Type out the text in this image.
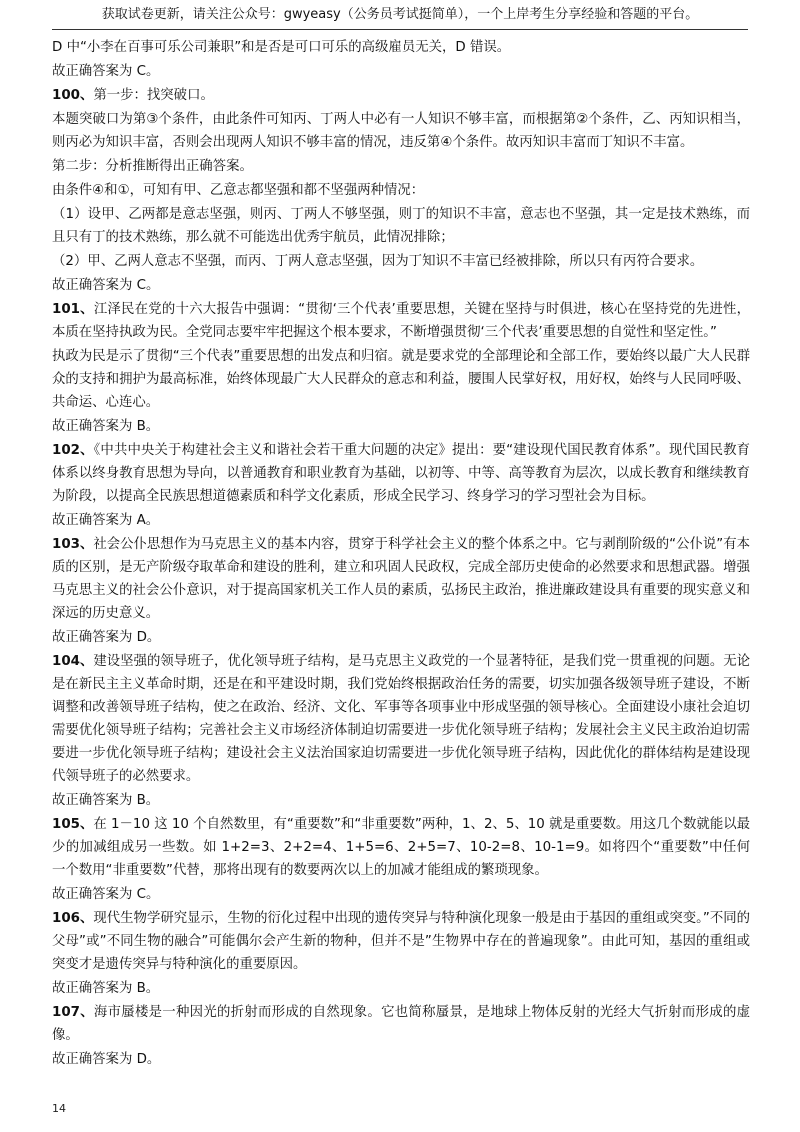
获取试卷更新，请关注公众号：gwyeasy（公务员考试挺简单），一个上岸考生分享经验和答题的平台。

D 中“小李在百事可乐公司兼职”和是否是可口可乐的高级雇员无关，D 错误。

故正确答案为 C。

100、第一步：找突破口。

本题突破口为第③个条件，由此条件可知丙、丁两人中必有一人知识不够丰富，而根据第②个条件，乙、丙知识相当，则丙必为知识丰富，否则会出现两人知识不够丰富的情况，违反第④个条件。故丙知识丰富而丁知识不丰富。

第二步：分析推断得出正确答案。

由条件④和①，可知有甲、乙意志都坚强和都不坚强两种情况：

（1）设甲、乙两都是意志坚强，则丙、丁两人不够坚强，则丁的知识不丰富，意志也不坚强，其一定是技术熟练，而且只有丁的技术熟练，那么就不可能选出优秀宇航员，此情况排除；

（2）甲、乙两人意志不坚强，而丙、丁两人意志坚强，因为丁知识不丰富已经被排除，所以只有丙符合要求。

故正确答案为 C。

101、江泽民在党的十六大报告中强调：“贯彻‘三个代表’重要思想，关键在坚持与时俱进，核心在坚持党的先进性，本质在坚持执政为民。全党同志要牢牢把握这个根本要求，不断增强贯彻‘三个代表’重要思想的自觉性和坚定性。”

执政为民是示了贯彻“三个代表”重要思想的出发点和归宿。就是要求党的全部理论和全部工作，要始终以最广大人民群众的支持和拥护为最高标准，始终体现最广大人民群众的意志和利益，腰围人民掌好权，用好权，始终与人民同呼吸、共命运、心连心。

故正确答案为 B。

102、《中共中央关于构建社会主义和谐社会若干重大问题的决定》提出：要“建设现代国民教育体系”。现代国民教育体系以终身教育思想为导向，以普通教育和职业教育为基础，以初等、中等、高等教育为层次，以成长教育和继续教育为阶段，以提高全民族思想道德素质和科学文化素质，形成全民学习、终身学习的学习型社会为目标。

故正确答案为 A。

103、社会公仆思想作为马克思主义的基本内容，贯穿于科学社会主义的整个体系之中。它与剥削阶级的“公仆说”有本质的区别，是无产阶级夺取革命和建设的胜利，建立和巩固人民政权，完成全部历史使命的必然要求和思想武器。增强马克思主义的社会公仆意识，对于提高国家机关工作人员的素质，弘扬民主政治，推进廉政建设具有重要的现实意义和深远的历史意义。

故正确答案为 D。

104、建设坚强的领导班子，优化领导班子结构，是马克思主义政党的一个显著特征，是我们党一贯重视的问题。无论是在新民主主义革命时期，还是在和平建设时期，我们党始终根据政治任务的需要，切实加强各级领导班子建设，不断调整和改善领导班子结构，使之在政治、经济、文化、军事等各项事业中形成坚强的领导核心。全面建设小康社会迫切需要优化领导班子结构；完善社会主义市场经济体制迫切需要进一步优化领导班子结构；发展社会主义民主政治迫切需要进一步优化领导班子结构；建设社会主义法治国家迫切需要进一步优化领导班子结构，因此优化的群体结构是建设现代领导班子的必然要求。

故正确答案为 B。

105、在 1－10 这 10 个自然数里，有“重要数”和“非重要数”两种，1、2、5、10 就是重要数。用这几个数就能以最少的加减组成另一些数。如 1+2=3、2+2=4、1+5=6、2+5=7、10-2=8、10-1=9。如将四个“重要数”中任何一个数用“非重要数”代替，那将出现有的数要两次以上的加减才能组成的繁琐现象。

故正确答案为 C。

106、现代生物学研究显示，生物的衍化过程中出现的遗传突异与特种演化现象一般是由于基因的重组或突变。”不同的父母”或”不同生物的融合”可能偶尔会产生新的物种，但并不是”生物界中存在的普遍现象”。由此可知，基因的重组或突变才是遗传突异与特种演化的重要原因。

故正确答案为 B。

107、海市蜃楼是一种因光的折射而形成的自然现象。它也简称蜃景，是地球上物体反射的光经大气折射而形成的虚像。

故正确答案为 D。

14
